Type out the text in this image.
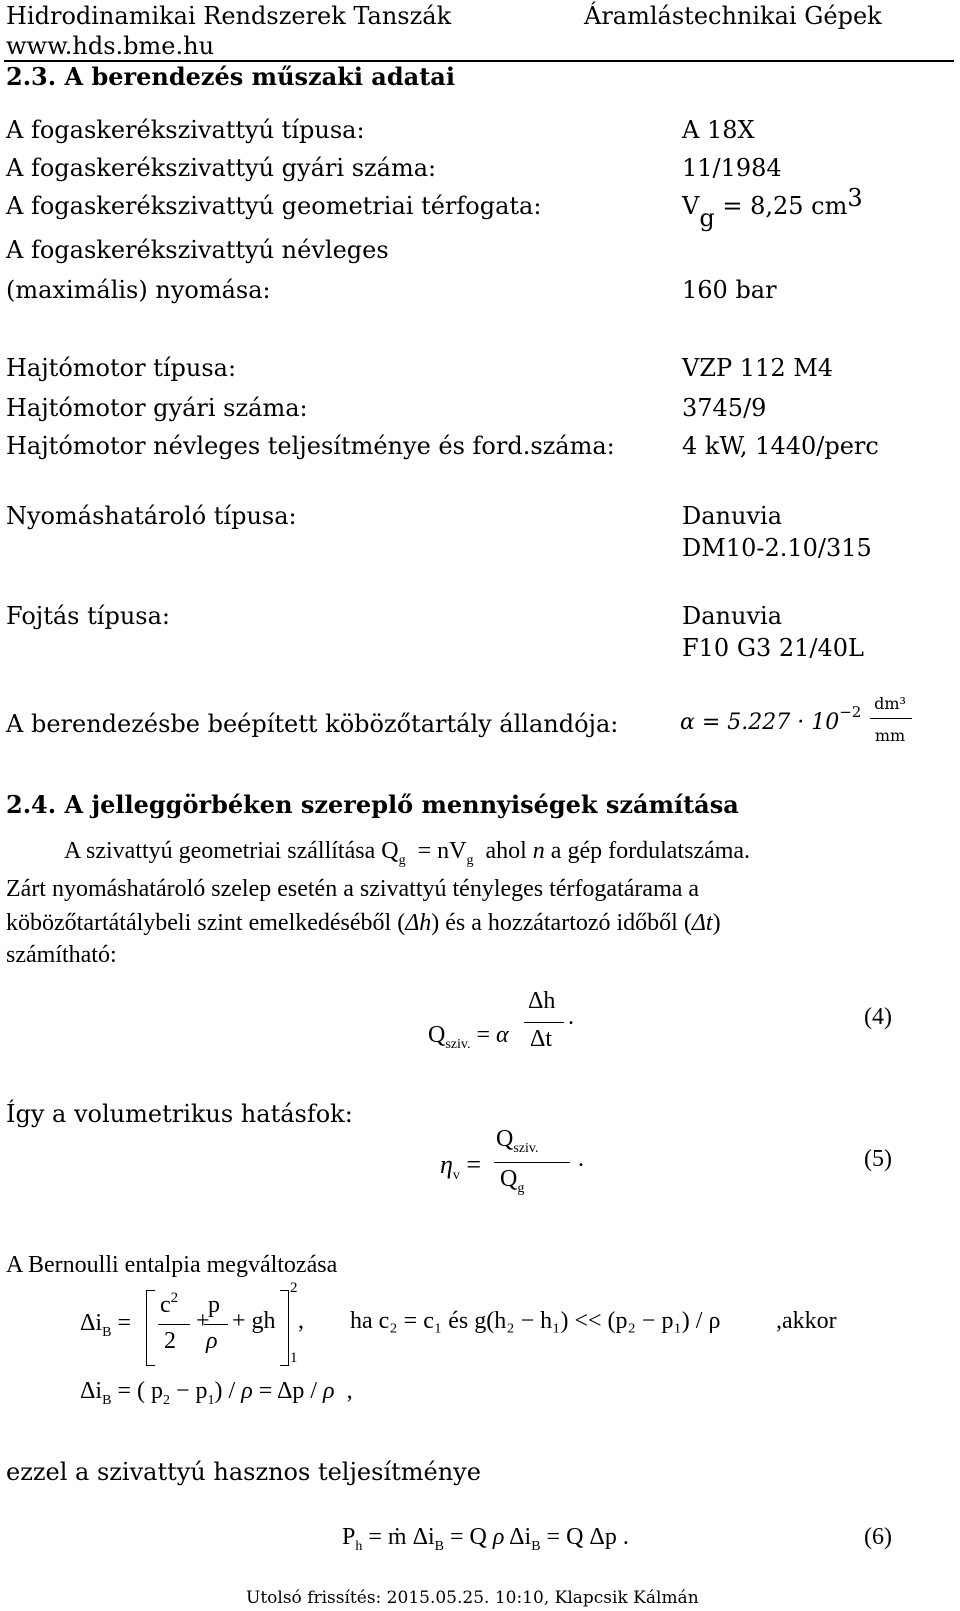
Hidrodinamikai Rendszerek Tanszák	Áramlástechnikai Gépek
www.hds.bme.hu
2.3. A berendezés műszaki adatai
A fogaskerékszivattyú típusa:	A 18X
A fogaskerékszivattyú gyári száma:	11/1984
A fogaskerékszivattyú geometriai térfogata:	Vg = 8,25 cm3
A fogaskerékszivattyú névleges
(maximális) nyomása:	160 bar
Hajtómotor típusa:	VZP 112 M4
Hajtómotor gyári száma:	3745/9
Hajtómotor névleges teljesítménye és ford.száma:	4 kW, 1440/perc
Nyomáshatároló típusa:	Danuvia
DM10-2.10/315
Fojtás típusa:	Danuvia
F10 G3 21/40L
A berendezésbe beépített köbözőtartály állandója:	$\alpha = 5.227 \cdot 10^{-2}$ dm³
mm
2.4. A jelleggörbéken szereplő mennyiségek számítása
A szivattyú geometriai szállítása $Q_g = nV_g$ ahol n a gép fordulatszáma.
Zárt nyomáshatároló szelep esetén a szivattyú tényleges térfogatárama a
köbözőtartátálybeli szint emelkedéséből (Δh) és a hozzátartozó időből (Δt)
számítható:
$Q_{sziv.} = \alpha$
Δh
Δt
.	(4)
Így a volumetrikus hatásfok:
$\eta_v$ =
$Q_{sziv.}$
$Q_g$
.	(5)
A Bernoulli entalpia megváltozása
$\Delta i_B$ =
$c^2$
2
+
p
ρ
+ gh
2
1
, ha c₂ = c₁ és g(h₂ − h₁) << (p₂ − p₁) / ρ ,akkor
$\Delta i_B$ = ( $p_2 - p_1) / \rho = \Delta p / \rho$  ,
ezzel a szivattyú hasznos teljesítménye
$P_h$ = ṁ $\Delta i_B = Q$ ρ $\Delta i_B = Q$ Δp .	(6)
Utolsó frissítés: 2015.05.25. 10:10, Klapcsik Kálmán
